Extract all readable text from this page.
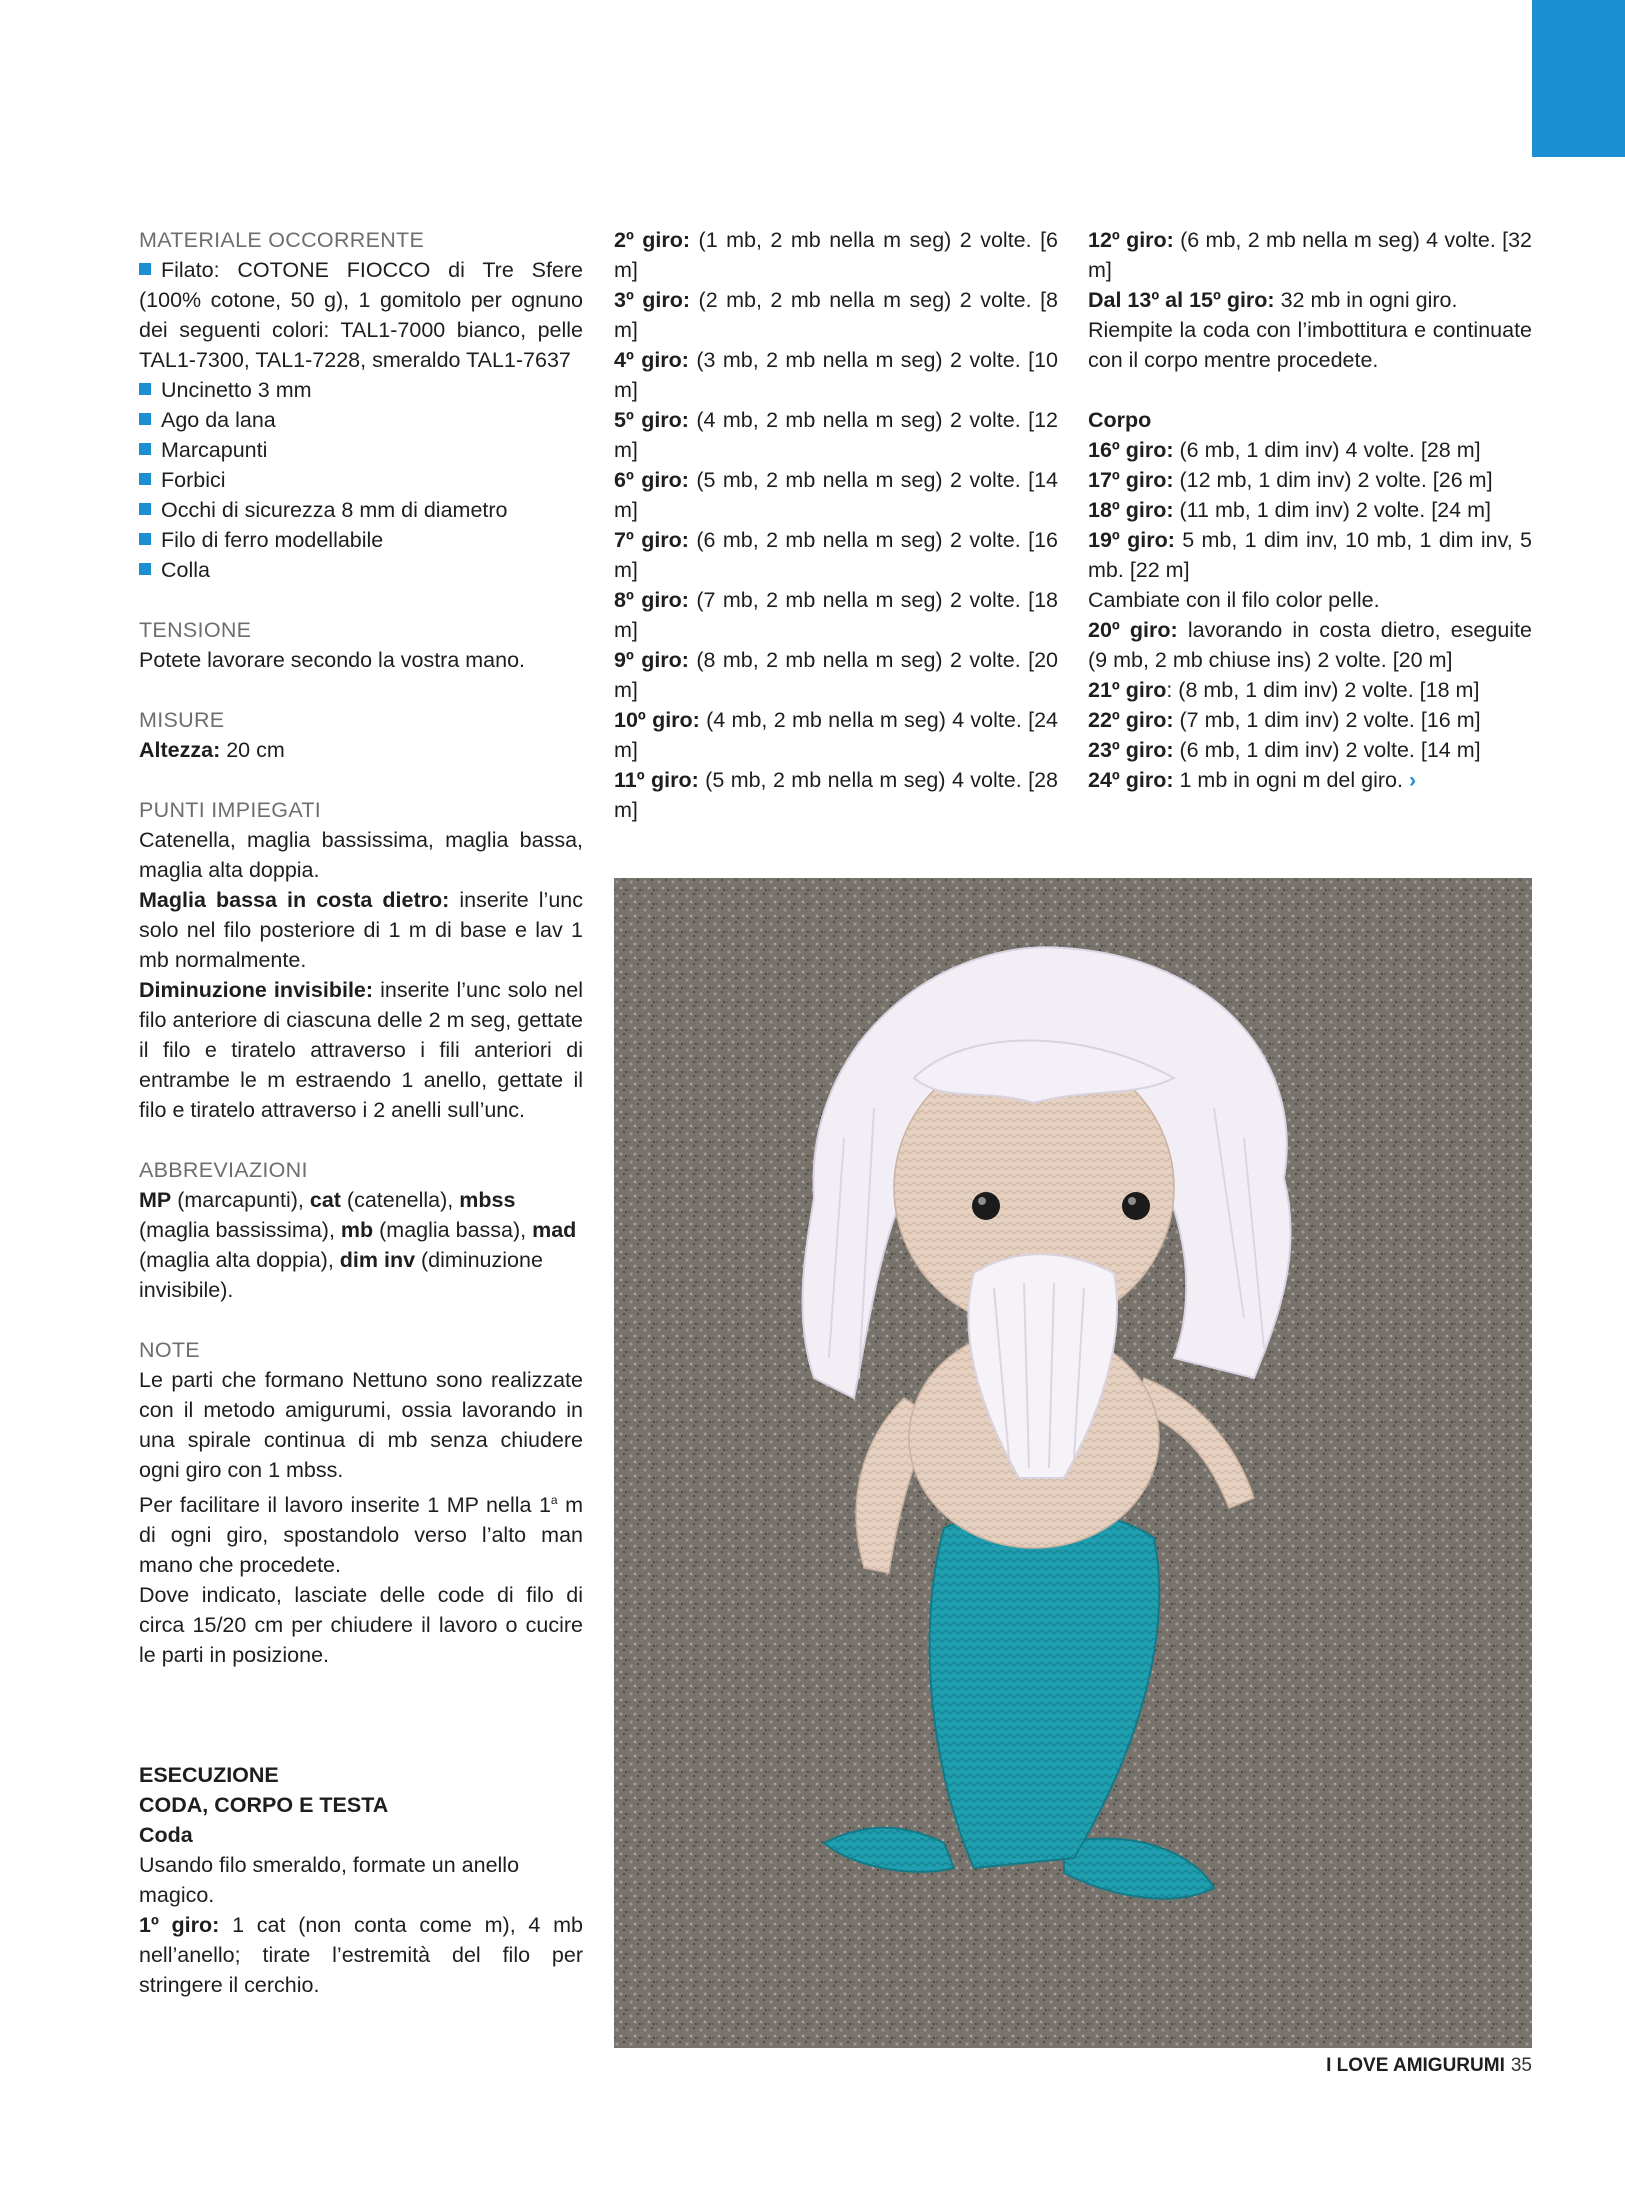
MATERIALE OCCORRENTE

Filato: COTONE FIOCCO di Tre Sfere (100% cotone, 50 g), 1 gomitolo per ognuno dei seguenti colori: TAL1-7000 bianco, pelle TAL1-7300, TAL1-7228, smeraldo TAL1-7637

Uncinetto 3 mm

Ago da lana

Marcapunti

Forbici

Occhi di sicurezza 8 mm di diametro

Filo di ferro modellabile

Colla

TENSIONE

Potete lavorare secondo la vostra mano.

MISURE

Altezza: 20 cm

PUNTI IMPIEGATI

Catenella, maglia bassissima, maglia bassa, maglia alta doppia.

Maglia bassa in costa dietro: inserite l’unc solo nel filo posteriore di 1 m di base e lav 1 mb normalmente.

Diminuzione invisibile: inserite l’unc solo nel filo anteriore di ciascuna delle 2 m seg, gettate il filo e tiratelo attraverso i fili anteriori di entrambe le m estraendo 1 anello, gettate il filo e tiratelo attraverso i 2 anelli sull’unc.

ABBREVIAZIONI

MP (marcapunti), cat (catenella), mbss (maglia bassissima), mb (maglia bassa), mad (maglia alta doppia), dim inv (diminuzione invisibile).

NOTE

Le parti che formano Nettuno sono realizzate con il metodo amigurumi, ossia lavorando in una spirale continua di mb senza chiudere ogni giro con 1 mbss.

Per facilitare il lavoro inserite 1 MP nella 1$^a$ m di ogni giro, spostandolo verso l’alto man mano che procedete.

Dove indicato, lasciate delle code di filo di circa 15/20 cm per chiudere il lavoro o cucire le parti in posizione.

ESECUZIONE

CODA, CORPO E TESTA

Coda

Usando filo smeraldo, formate un anello magico.

1º giro: 1 cat (non conta come m), 4 mb nell’anello; tirate l’estremità del filo per stringere il cerchio.

2º giro: (1 mb, 2 mb nella m seg) 2 volte. [6 m]

3º giro: (2 mb, 2 mb nella m seg) 2 volte. [8 m]

4º giro: (3 mb, 2 mb nella m seg) 2 volte. [10 m]

5º giro: (4 mb, 2 mb nella m seg) 2 volte. [12 m]

6º giro: (5 mb, 2 mb nella m seg) 2 volte. [14 m]

7º giro: (6 mb, 2 mb nella m seg) 2 volte. [16 m]

8º giro: (7 mb, 2 mb nella m seg) 2 volte. [18 m]

9º giro: (8 mb, 2 mb nella m seg) 2 volte. [20 m]

10º giro: (4 mb, 2 mb nella m seg) 4 volte. [24 m]

11º giro: (5 mb, 2 mb nella m seg) 4 volte. [28 m]

12º giro: (6 mb, 2 mb nella m seg) 4 volte. [32 m]

Dal 13º al 15º giro: 32 mb in ogni giro.

Riempite la coda con l’imbottitura e continuate con il corpo mentre procedete.

Corpo

16º giro: (6 mb, 1 dim inv) 4 volte. [28 m]

17º giro: (12 mb, 1 dim inv) 2 volte. [26 m]

18º giro: (11 mb, 1 dim inv) 2 volte. [24 m]

19º giro: 5 mb, 1 dim inv, 10 mb, 1 dim inv, 5 mb. [22 m]

Cambiate con il filo color pelle.

20º giro: lavorando in costa dietro, eseguite (9 mb, 2 mb chiuse ins) 2 volte. [20 m]

21º giro: (8 mb, 1 dim inv) 2 volte. [18 m]

22º giro: (7 mb, 1 dim inv) 2 volte. [16 m]

23º giro: (6 mb, 1 dim inv) 2 volte. [14 m]

24º giro: 1 mb in ogni m del giro. ›

I LOVE AMIGURUMI 35
